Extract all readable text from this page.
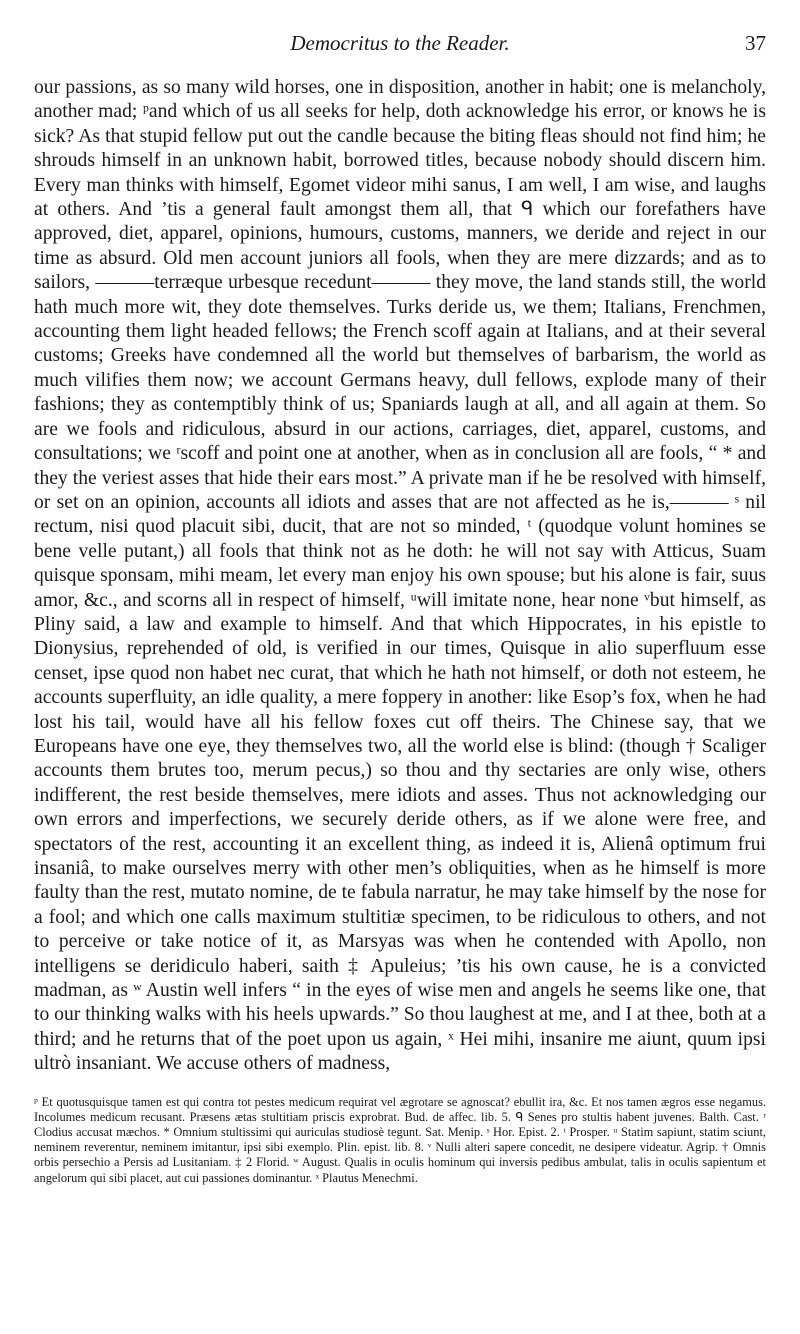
Democritus to the Reader.	37

our passions, as so many wild horses, one in disposition, another in habit; one is melancholy, another mad; ᵖand which of us all seeks for help, doth acknowledge his error, or knows he is sick? As that stupid fellow put out the candle because the biting fleas should not find him; he shrouds himself in an unknown habit, borrowed titles, because nobody should discern him. Every man thinks with himself, Egomet videor mihi sanus, I am well, I am wise, and laughs at others. And ’tis a general fault amongst them all, that ᑫ which our forefathers have approved, diet, apparel, opinions, humours, customs, manners, we deride and reject in our time as absurd. Old men account juniors all fools, when they are mere dizzards; and as to sailors, ———terræque urbesque recedunt——— they move, the land stands still, the world hath much more wit, they dote themselves. Turks deride us, we them; Italians, Frenchmen, accounting them light headed fellows; the French scoff again at Italians, and at their several customs; Greeks have condemned all the world but themselves of barbarism, the world as much vilifies them now; we account Germans heavy, dull fellows, explode many of their fashions; they as contemptibly think of us; Spaniards laugh at all, and all again at them. So are we fools and ridiculous, absurd in our actions, carriages, diet, apparel, customs, and consultations; we ʳscoff and point one at another, when as in conclusion all are fools, “ * and they the veriest asses that hide their ears most.” A private man if he be resolved with himself, or set on an opinion, accounts all idiots and asses that are not affected as he is,——— ˢ nil rectum, nisi quod placuit sibi, ducit, that are not so minded, ᵗ (quodque volunt homines se bene velle putant,) all fools that think not as he doth: he will not say with Atticus, Suam quisque sponsam, mihi meam, let every man enjoy his own spouse; but his alone is fair, suus amor, &c., and scorns all in respect of himself, ᵘwill imitate none, hear none ᵛbut himself, as Pliny said, a law and example to himself. And that which Hippocrates, in his epistle to Dionysius, reprehended of old, is verified in our times, Quisque in alio superfluum esse censet, ipse quod non habet nec curat, that which he hath not himself, or doth not esteem, he accounts superfluity, an idle quality, a mere foppery in another: like Esop’s fox, when he had lost his tail, would have all his fellow foxes cut off theirs. The Chinese say, that we Europeans have one eye, they themselves two, all the world else is blind: (though † Scaliger accounts them brutes too, merum pecus,) so thou and thy sectaries are only wise, others indifferent, the rest beside themselves, mere idiots and asses. Thus not acknowledging our own errors and imperfections, we securely deride others, as if we alone were free, and spectators of the rest, accounting it an excellent thing, as indeed it is, Alienâ optimum frui insaniâ, to make ourselves merry with other men’s obliquities, when as he himself is more faulty than the rest, mutato nomine, de te fabula narratur, he may take himself by the nose for a fool; and which one calls maximum stultitiæ specimen, to be ridiculous to others, and not to perceive or take notice of it, as Marsyas was when he contended with Apollo, non intelligens se deridiculo haberi, saith ‡ Apuleius; ’tis his own cause, he is a convicted madman, as ʷ Austin well infers “ in the eyes of wise men and angels he seems like one, that to our thinking walks with his heels upwards.” So thou laughest at me, and I at thee, both at a third; and he returns that of the poet upon us again, ˣ Hei mihi, insanire me aiunt, quum ipsi ultrò insaniant. We accuse others of madness,

ᵖ Et quotusquisque tamen est qui contra tot pestes medicum requirat vel ægrotare se agnoscat? ebullit ira, &c. Et nos tamen ægros esse negamus. Incolumes medicum recusant. Præsens ætas stultitiam priscis exprobrat. Bud. de affec. lib. 5. ᑫ Senes pro stultis habent juvenes. Balth. Cast. ʳ Clodius accusat mæchos. * Omnium stultissimi qui auriculas studiosè tegunt. Sat. Menip. ˢ Hor. Epist. 2. ᵗ Prosper. ᵘ Statim sapiunt, statim sciunt, neminem reverentur, neminem imitantur, ipsi sibi exemplo. Plin. epist. lib. 8. ᵛ Nulli alteri sapere concedit, ne desipere videatur. Agrip. † Omnis orbis persechio a Persis ad Lusitaniam. ‡ 2 Florid. ʷ August. Qualis in oculis hominum qui inversis pedibus ambulat, talis in oculis sapientum et angelorum qui sibi placet, aut cui passiones dominantur. ˣ Plautus Menechmi.
